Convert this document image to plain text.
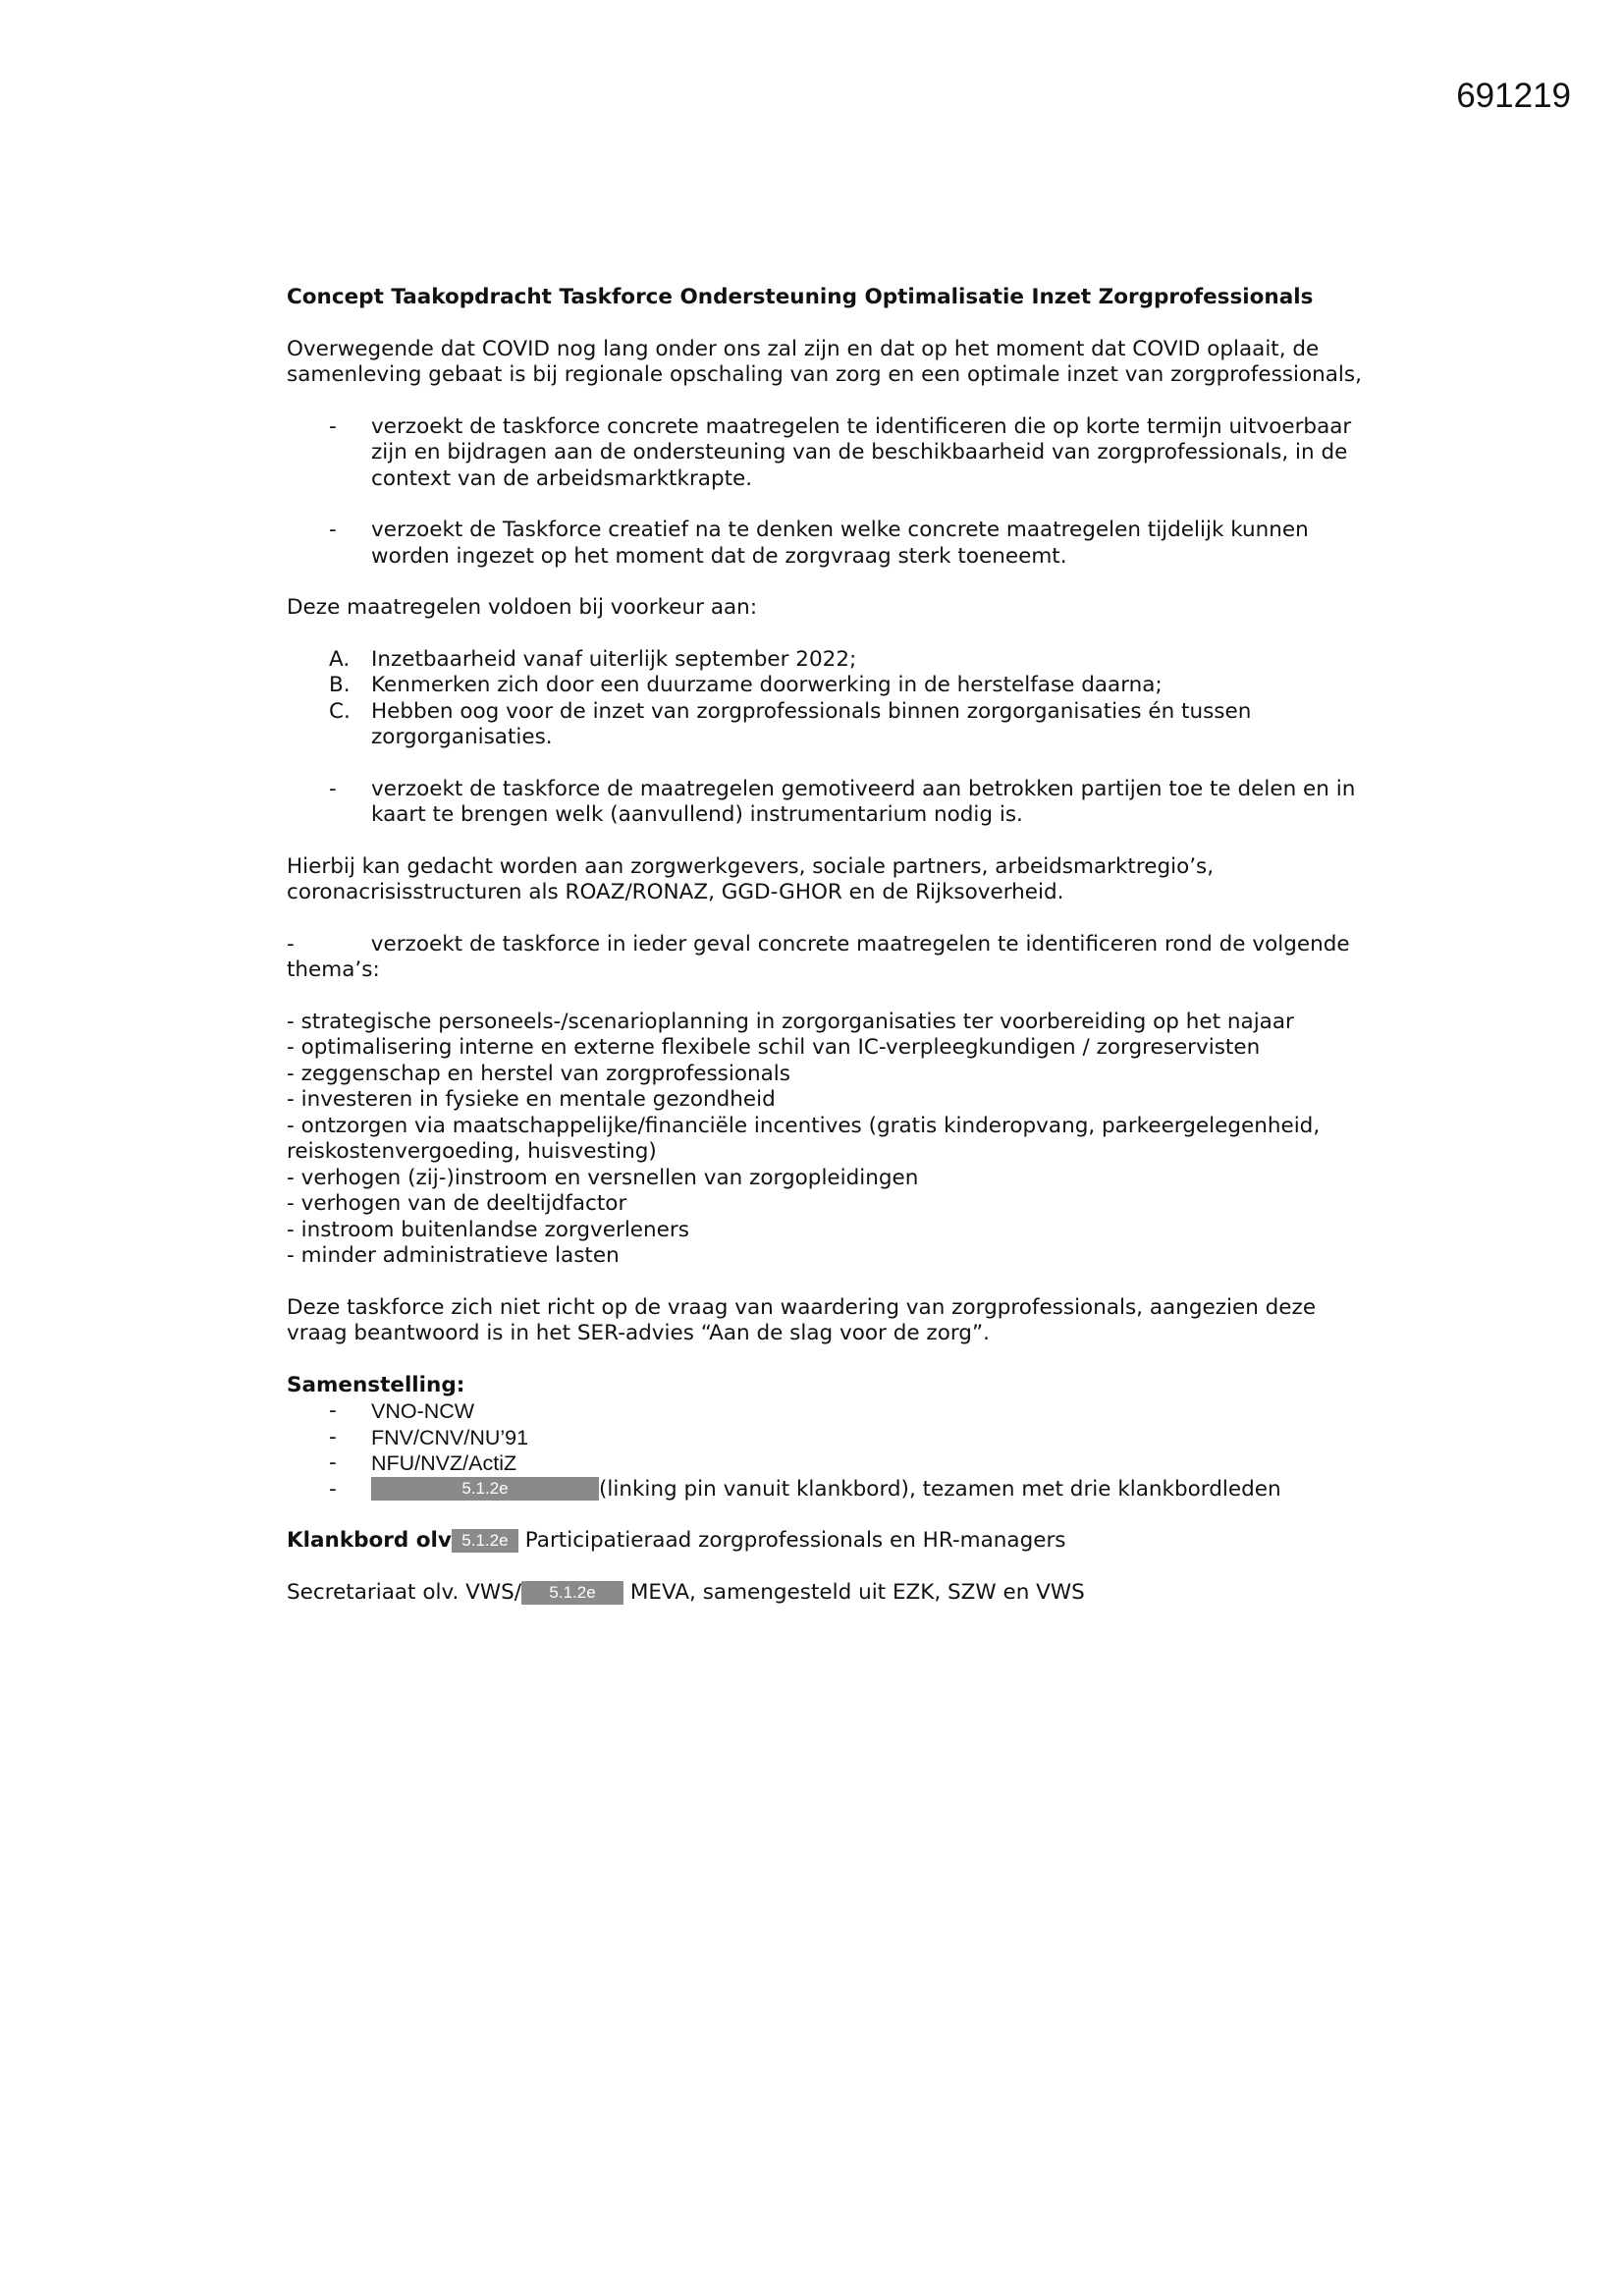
691219

Concept Taakopdracht Taskforce Ondersteuning Optimalisatie Inzet Zorgprofessionals

Overwegende dat COVID nog lang onder ons zal zijn en dat op het moment dat COVID oplaait, de samenleving gebaat is bij regionale opschaling van zorg en een optimale inzet van zorgprofessionals,

-	verzoekt de taskforce concrete maatregelen te identificeren die op korte termijn uitvoerbaar zijn en bijdragen aan de ondersteuning van de beschikbaarheid van zorgprofessionals, in de context van de arbeidsmarktkrapte.
-	verzoekt de Taskforce creatief na te denken welke concrete maatregelen tijdelijk kunnen worden ingezet op het moment dat de zorgvraag sterk toeneemt.

Deze maatregelen voldoen bij voorkeur aan:

A.	Inzetbaarheid vanaf uiterlijk september 2022;
B. Kenmerken zich door een duurzame doorwerking in de herstelfase daarna;
C. Hebben oog voor de inzet van zorgprofessionals binnen zorgorganisaties én tussen zorgorganisaties.
-	verzoekt de taskforce de maatregelen gemotiveerd aan betrokken partijen toe te delen en in kaart te brengen welk (aanvullend) instrumentarium nodig is.

Hierbij kan gedacht worden aan zorgwerkgevers, sociale partners, arbeidsmarktregio’s, coronacrisisstructuren als ROAZ/RONAZ, GGD-GHOR en de Rijksoverheid.

-	verzoekt de taskforce in ieder geval concrete maatregelen te identificeren rond de volgende thema’s:

- strategische personeels-/scenarioplanning in zorgorganisaties ter voorbereiding op het najaar
- optimalisering interne en externe flexibele schil van IC-verpleegkundigen / zorgreservisten
- zeggenschap en herstel van zorgprofessionals
- investeren in fysieke en mentale gezondheid
- ontzorgen via maatschappelijke/financiële incentives (gratis kinderopvang, parkeergelegenheid, reiskostenvergoeding, huisvesting)
- verhogen (zij-)instroom en versnellen van zorgopleidingen
- verhogen van de deeltijdfactor
- instroom buitenlandse zorgverleners
- minder administratieve lasten

Deze taskforce zich niet richt op de vraag van waardering van zorgprofessionals, aangezien deze vraag beantwoord is in het SER-advies “Aan de slag voor de zorg”.

Samenstelling:

-	VNO-NCW
-	FNV/CNV/NU’91
-	NFU/NVZ/ActiZ
-	5.1.2e	(linking pin vanuit klankbord), tezamen met drie klankbordleden

Klankbord olv 5.1.2e Participatieraad zorgprofessionals en HR-managers

Secretariaat olv. VWS/ 5.1.2e MEVA, samengesteld uit EZK, SZW en VWS
